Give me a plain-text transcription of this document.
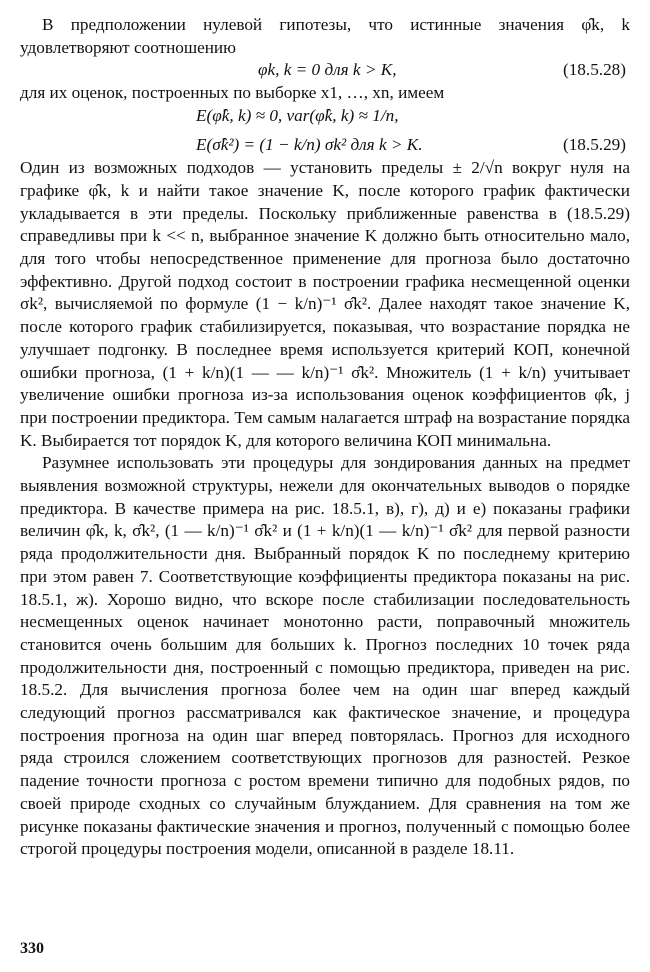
В предположении нулевой гипотезы, что истинные значения φ̂k, k удовлетворяют соотношению

φk, k = 0 для k > K,	(18.5.28)

для их оценок, построенных по выборке x1, …, xn, имеем

E(φ̂k, k) ≈ 0, var(φ̂k, k) ≈ 1/n,
E(σ̂k²) = (1 − k/n) σk² для k > K.	(18.5.29)

Один из возможных подходов — установить пределы ± 2/√n вокруг нуля на графике φ̂k, k и найти такое значение K, после которого график фактически укладывается в эти пределы. Поскольку приближенные равенства в (18.5.29) справедливы при k << n, выбранное значение K должно быть относительно мало, для того чтобы непосредственное применение для прогноза было достаточно эффективно. Другой подход состоит в построении графика несмещенной оценки σk², вычисляемой по формуле (1 − k/n)⁻¹ σ̂k². Далее находят такое значение K, после которого график стабилизируется, показывая, что возрастание порядка не улучшает подгонку. В последнее время используется критерий КОП, конечной ошибки прогноза, (1 + k/n)(1 — — k/n)⁻¹ σ̂k². Множитель (1 + k/n) учитывает увеличение ошибки прогноза из-за использования оценок коэффициентов φ̂k, j при построении предиктора. Тем самым налагается штраф на возрастание порядка K. Выбирается тот порядок K, для которого величина КОП минимальна.

Разумнее использовать эти процедуры для зондирования данных на предмет выявления возможной структуры, нежели для окончательных выводов о порядке предиктора. В качестве примера на рис. 18.5.1, в), г), д) и е) показаны графики величин φ̂k, k, σ̂k², (1 — k/n)⁻¹ σ̂k² и (1 + k/n)(1 — k/n)⁻¹ σ̂k² для первой разности ряда продолжительности дня. Выбранный порядок K по последнему критерию при этом равен 7. Соответствующие коэффициенты предиктора показаны на рис. 18.5.1, ж). Хорошо видно, что вскоре после стабилизации последовательность несмещенных оценок начинает монотонно расти, поправочный множитель становится очень большим для больших k. Прогноз последних 10 точек ряда продолжительности дня, построенный с помощью предиктора, приведен на рис. 18.5.2. Для вычисления прогноза более чем на один шаг вперед каждый следующий прогноз рассматривался как фактическое значение, и процедура построения прогноза на один шаг вперед повторялась. Прогноз для исходного ряда строился сложением соответствующих прогнозов для разностей. Резкое падение точности прогноза с ростом времени типично для подобных рядов, по своей природе сходных со случайным блужданием. Для сравнения на том же рисунке показаны фактические значения и прогноз, полученный с помощью более строгой процедуры построения модели, описанной в разделе 18.11.

330
